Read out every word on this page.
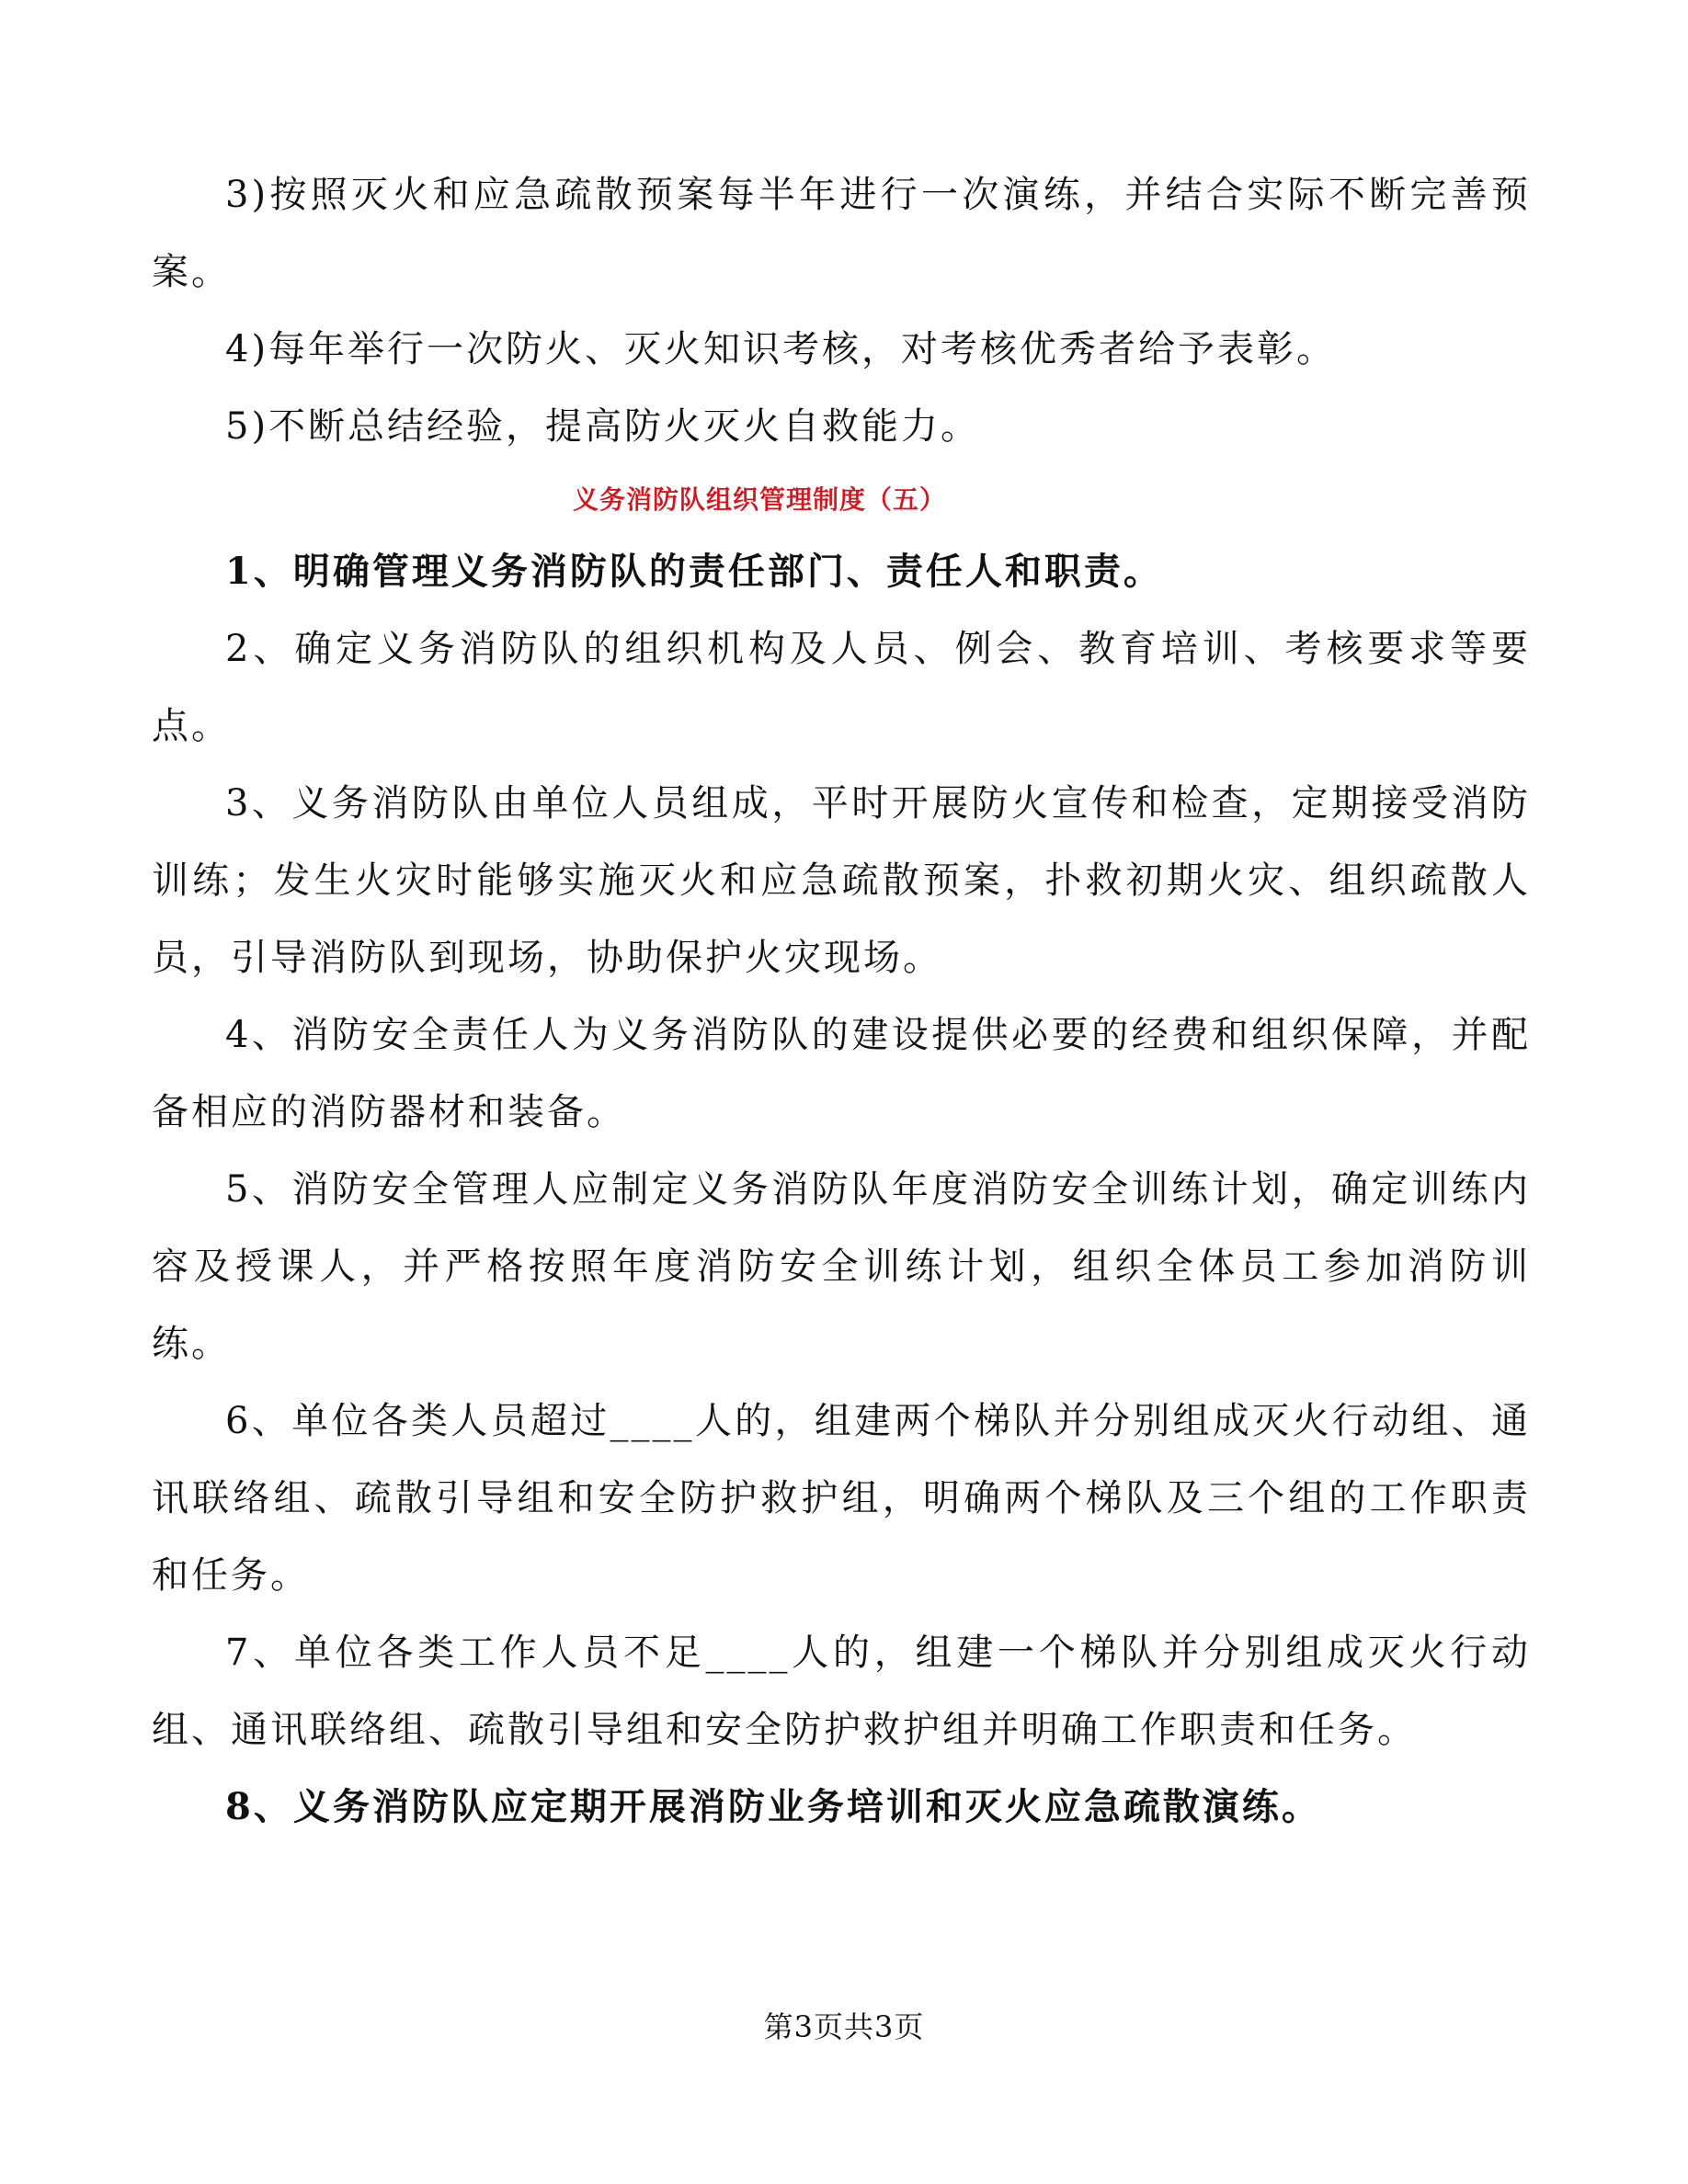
3)按照灭火和应急疏散预案每半年进行一次演练，并结合实际不断完善预案。

4)每年举行一次防火、灭火知识考核，对考核优秀者给予表彰。

5)不断总结经验，提高防火灭火自救能力。

义务消防队组织管理制度（五）

1、明确管理义务消防队的责任部门、责任人和职责。

2、确定义务消防队的组织机构及人员、例会、教育培训、考核要求等要点。

3、义务消防队由单位人员组成，平时开展防火宣传和检查，定期接受消防训练；发生火灾时能够实施灭火和应急疏散预案，扑救初期火灾、组织疏散人员，引导消防队到现场，协助保护火灾现场。

4、消防安全责任人为义务消防队的建设提供必要的经费和组织保障，并配备相应的消防器材和装备。

5、消防安全管理人应制定义务消防队年度消防安全训练计划，确定训练内容及授课人，并严格按照年度消防安全训练计划，组织全体员工参加消防训练。

6、单位各类人员超过____人的，组建两个梯队并分别组成灭火行动组、通讯联络组、疏散引导组和安全防护救护组，明确两个梯队及三个组的工作职责和任务。

7、单位各类工作人员不足____人的，组建一个梯队并分别组成灭火行动组、通讯联络组、疏散引导组和安全防护救护组并明确工作职责和任务。

8、义务消防队应定期开展消防业务培训和灭火应急疏散演练。

第3页共3页
